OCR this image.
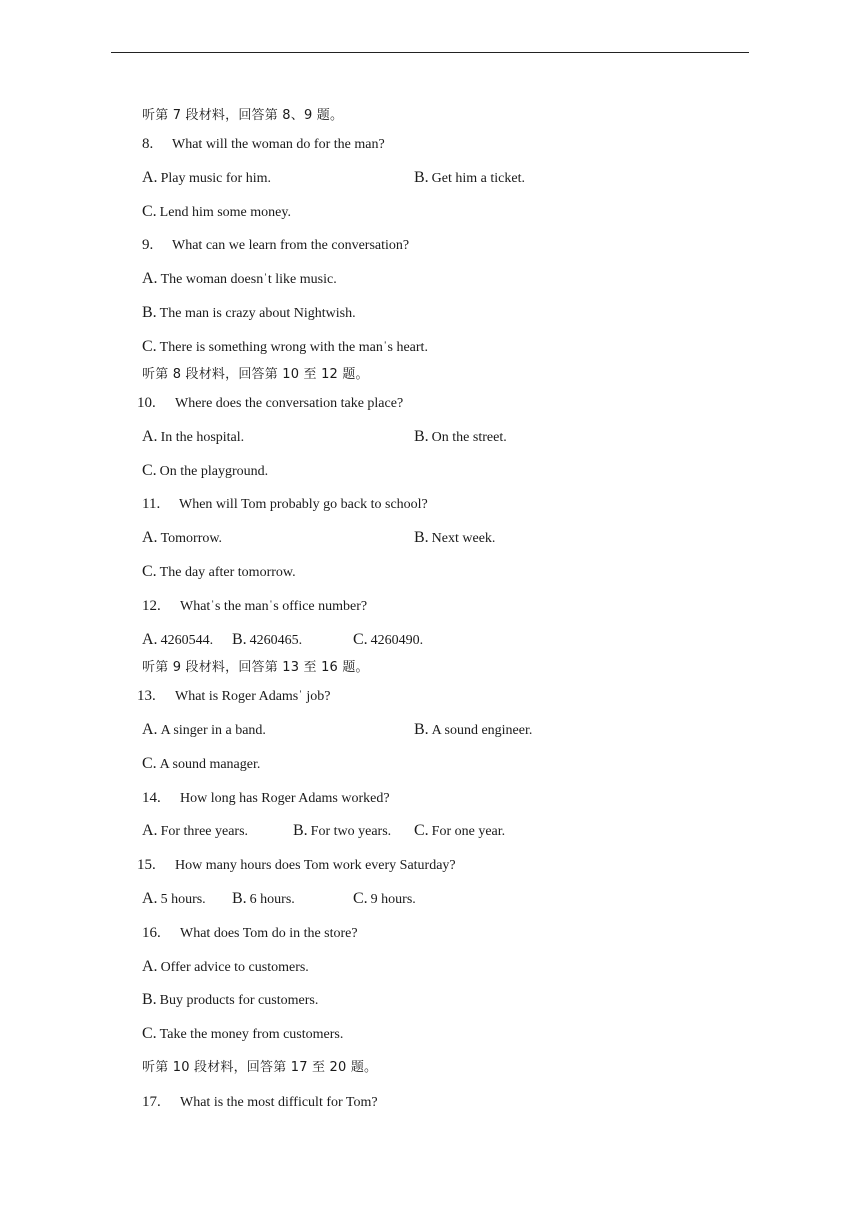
听第 7 段材料，回答第 8、9 题。
8. What will the woman do for the man?
A. Play music for him.	B. Get him a ticket.
C. Lend him some money.
9. What can we learn from the conversation?
A. The woman doesnˈt like music.
B. The man is crazy about Nightwish.
C. There is something wrong with the manˈs heart.
听第 8 段材料，回答第 10 至 12 题。
10. Where does the conversation take place?
A. In the hospital.	B. On the street.
C. On the playground.
11. When will Tom probably go back to school?
A. Tomorrow.	B. Next week.
C. The day after tomorrow.
12. Whatˈs the manˈs office number?
A. 4260544. B. 4260465.	C. 4260490.
听第 9 段材料，回答第 13 至 16 题。
13. What is Roger Adamsˈ job?
A. A singer in a band.	B. A sound engineer.
C. A sound manager.
14. How long has Roger Adams worked?
A. For three years.	B. For two years. C. For one year.
15. How many hours does Tom work every Saturday?
A. 5 hours. B. 6 hours.	C. 9 hours.
16. What does Tom do in the store?
A. Offer advice to customers.
B. Buy products for customers.
C. Take the money from customers.
听第 10 段材料，回答第 17 至 20 题。
17. What is the most difficult for Tom?
